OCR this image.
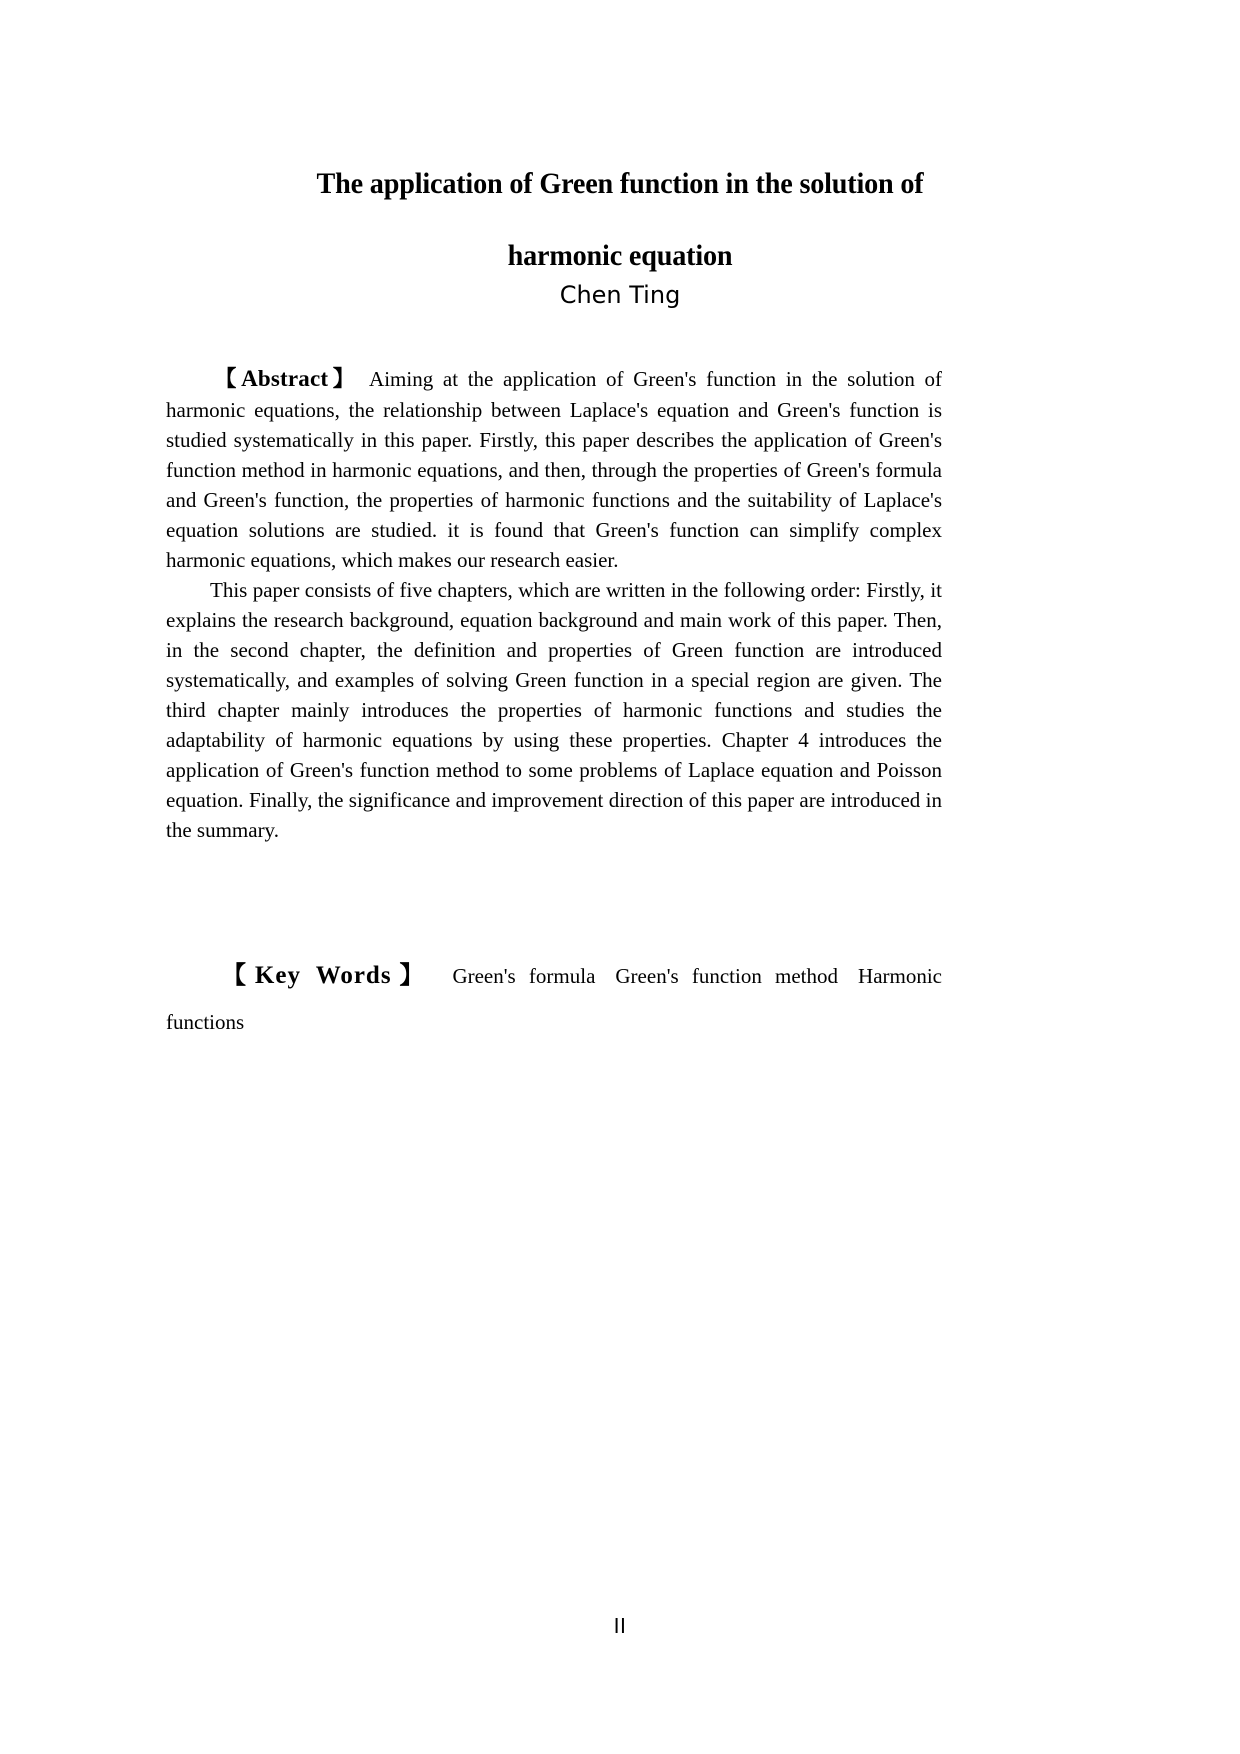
The application of Green function in the solution of
harmonic equation
Chen Ting

【Abstract】 Aiming at the application of Green's function in the solution of harmonic equations, the relationship between Laplace's equation and Green's function is studied systematically in this paper. Firstly, this paper describes the application of Green's function method in harmonic equations, and then, through the properties of Green's formula and Green's function, the properties of harmonic functions and the suitability of Laplace's equation solutions are studied. it is found that Green's function can simplify complex harmonic equations, which makes our research easier.

This paper consists of five chapters, which are written in the following order: Firstly, it explains the research background, equation background and main work of this paper. Then, in the second chapter, the definition and properties of Green function are introduced systematically, and examples of solving Green function in a special region are given. The third chapter mainly introduces the properties of harmonic functions and studies the adaptability of harmonic equations by using these properties. Chapter 4 introduces the application of Green's function method to some problems of Laplace equation and Poisson equation. Finally, the significance and improvement direction of this paper are introduced in the summary.

【Key Words】 Green's formula Green's function method Harmonic functions
II
